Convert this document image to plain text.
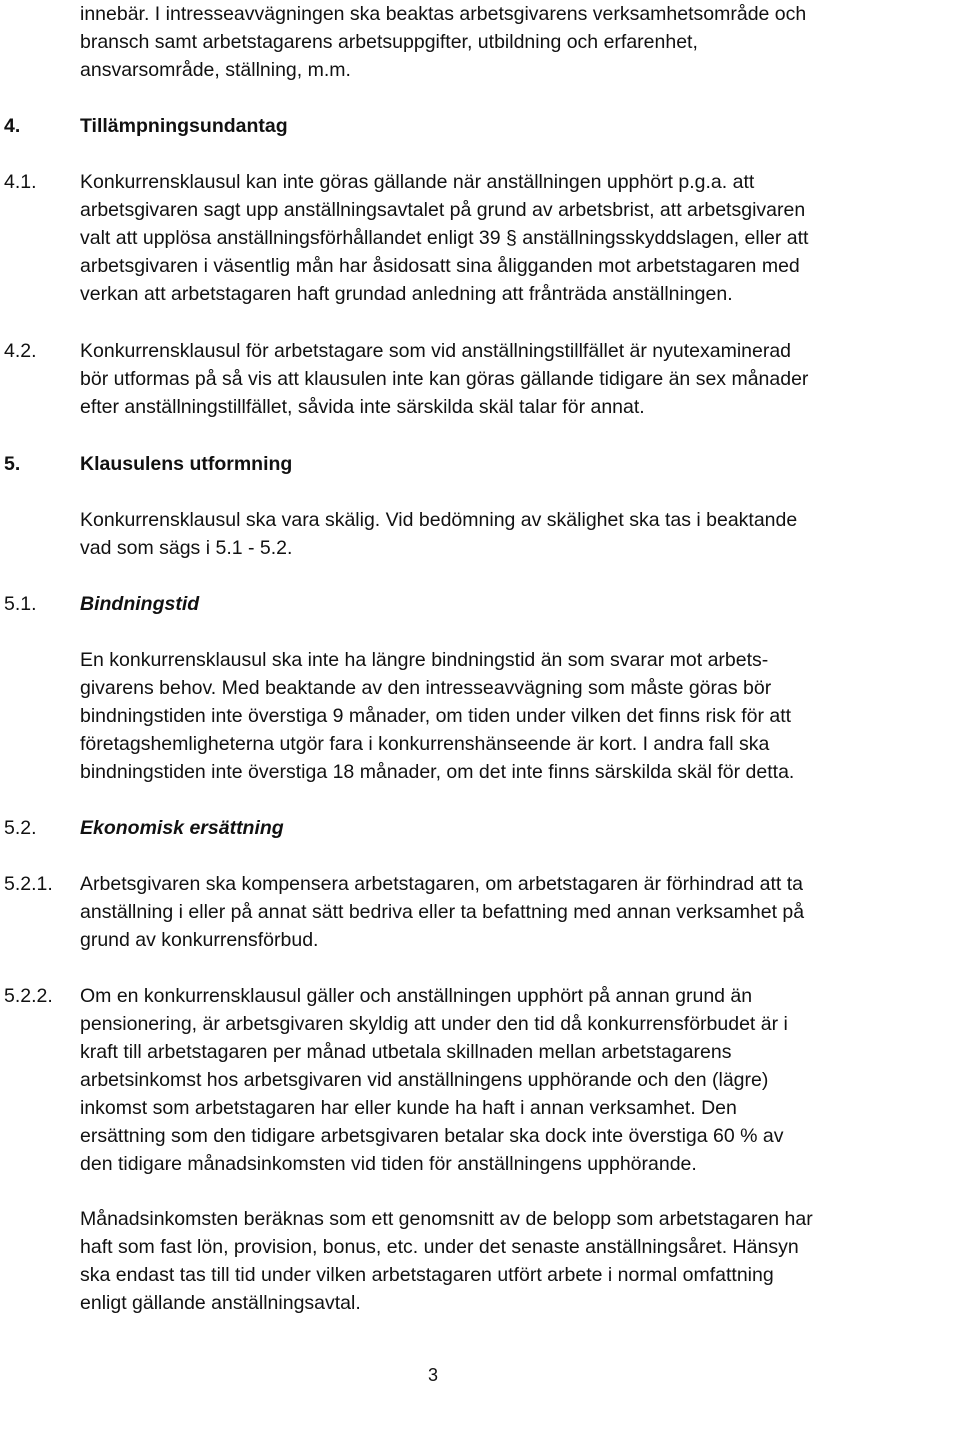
innebär. I intresseavvägningen ska beaktas arbetsgivarens verksamhetsområde och

bransch samt arbetstagarens arbetsuppgifter, utbildning och erfarenhet,

ansvarsområde, ställning, m.m.

4.	Tillämpningsundantag
4.1. Konkurrensklausul kan inte göras gällande när anställningen upphört p.g.a. att

arbetsgivaren sagt upp anställningsavtalet på grund av arbetsbrist, att arbetsgivaren

valt att upplösa anställningsförhållandet enligt 39 § anställningsskyddslagen, eller att

arbetsgivaren i väsentlig mån har åsidosatt sina åligganden mot arbetstagaren med

verkan att arbetstagaren haft grundad anledning att frånträda anställningen.

4.2. Konkurrensklausul för arbetstagare som vid anställningstillfället är nyutexaminerad

bör utformas på så vis att klausulen inte kan göras gällande tidigare än sex månader

efter anställningstillfället, såvida inte särskilda skäl talar för annat.

5.	Klausulens utformning

Konkurrensklausul ska vara skälig. Vid bedömning av skälighet ska tas i beaktande

vad som sägs i 5.1 - 5.2.

5.1. Bindningstid

En konkurrensklausul ska inte ha längre bindningstid än som svarar mot arbets-

givarens behov. Med beaktande av den intresseavvägning som måste göras bör

bindningstiden inte överstiga 9 månader, om tiden under vilken det finns risk för att

företagshemligheterna utgör fara i konkurrenshänseende är kort. I andra fall ska

bindningstiden inte överstiga 18 månader, om det inte finns särskilda skäl för detta.

5.2. Ekonomisk ersättning
5.2.1. Arbetsgivaren ska kompensera arbetstagaren, om arbetstagaren är förhindrad att ta

anställning i eller på annat sätt bedriva eller ta befattning med annan verksamhet på

grund av konkurrensförbud.

5.2.2. Om en konkurrensklausul gäller och anställningen upphört på annan grund än

pensionering, är arbetsgivaren skyldig att under den tid då konkurrensförbudet är i

kraft till arbetstagaren per månad utbetala skillnaden mellan arbetstagarens

arbetsinkomst hos arbetsgivaren vid anställningens upphörande och den (lägre)

inkomst som arbetstagaren har eller kunde ha haft i annan verksamhet. Den

ersättning som den tidigare arbetsgivaren betalar ska dock inte överstiga 60 % av

den tidigare månadsinkomsten vid tiden för anställningens upphörande.

Månadsinkomsten beräknas som ett genomsnitt av de belopp som arbetstagaren har

haft som fast lön, provision, bonus, etc. under det senaste anställningsåret. Hänsyn

ska endast tas till tid under vilken arbetstagaren utfört arbete i normal omfattning

enligt gällande anställningsavtal.

3
